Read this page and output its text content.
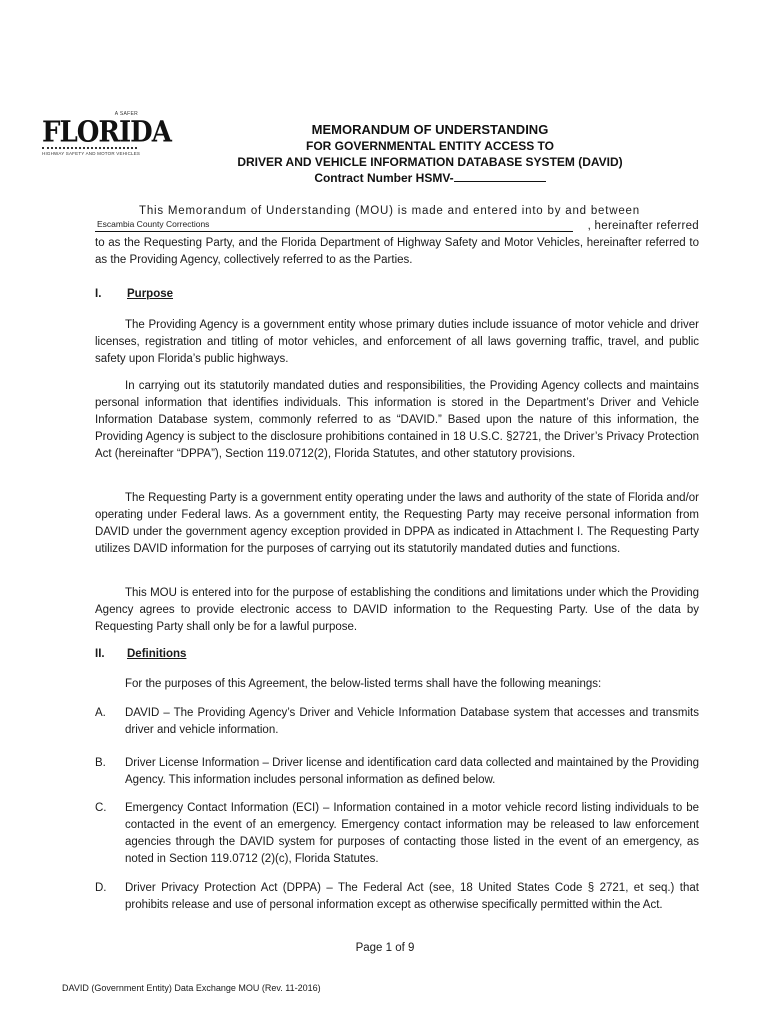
A SAFER
FLORIDA
HIGHWAY SAFETY AND MOTOR VEHICLES
MEMORANDUM OF UNDERSTANDING
FOR GOVERNMENTAL ENTITY ACCESS TO
DRIVER AND VEHICLE INFORMATION DATABASE SYSTEM (DAVID)
Contract Number HSMV-
This Memorandum of Understanding (MOU) is made and entered into by and between
Escambia County Corrections	, hereinafter referred
to as the Requesting Party, and the Florida Department of Highway Safety and Motor Vehicles, hereinafter referred to as the Providing Agency, collectively referred to as the Parties.
I. Purpose
The Providing Agency is a government entity whose primary duties include issuance of motor vehicle and driver licenses, registration and titling of motor vehicles, and enforcement of all laws governing traffic, travel, and public safety upon Florida’s public highways.
In carrying out its statutorily mandated duties and responsibilities, the Providing Agency collects and maintains personal information that identifies individuals. This information is stored in the Department’s Driver and Vehicle Information Database system, commonly referred to as “DAVID.” Based upon the nature of this information, the Providing Agency is subject to the disclosure prohibitions contained in 18 U.S.C. §2721, the Driver’s Privacy Protection Act (hereinafter “DPPA”), Section 119.0712(2), Florida Statutes, and other statutory provisions.
The Requesting Party is a government entity operating under the laws and authority of the state of Florida and/or operating under Federal laws. As a government entity, the Requesting Party may receive personal information from DAVID under the government agency exception provided in DPPA as indicated in Attachment I. The Requesting Party utilizes DAVID information for the purposes of carrying out its statutorily mandated duties and functions.
This MOU is entered into for the purpose of establishing the conditions and limitations under which the Providing Agency agrees to provide electronic access to DAVID information to the Requesting Party. Use of the data by Requesting Party shall only be for a lawful purpose.
II. Definitions
For the purposes of this Agreement, the below-listed terms shall have the following meanings:
A. DAVID – The Providing Agency’s Driver and Vehicle Information Database system that accesses and transmits driver and vehicle information.
B. Driver License Information – Driver license and identification card data collected and maintained by the Providing Agency. This information includes personal information as defined below.
C. Emergency Contact Information (ECI) – Information contained in a motor vehicle record listing individuals to be contacted in the event of an emergency. Emergency contact information may be released to law enforcement agencies through the DAVID system for purposes of contacting those listed in the event of an emergency, as noted in Section 119.0712 (2)(c), Florida Statutes.
D. Driver Privacy Protection Act (DPPA) – The Federal Act (see, 18 United States Code § 2721, et seq.) that prohibits release and use of personal information except as otherwise specifically permitted within the Act.
Page 1 of 9
DAVID (Government Entity) Data Exchange MOU (Rev. 11-2016)
